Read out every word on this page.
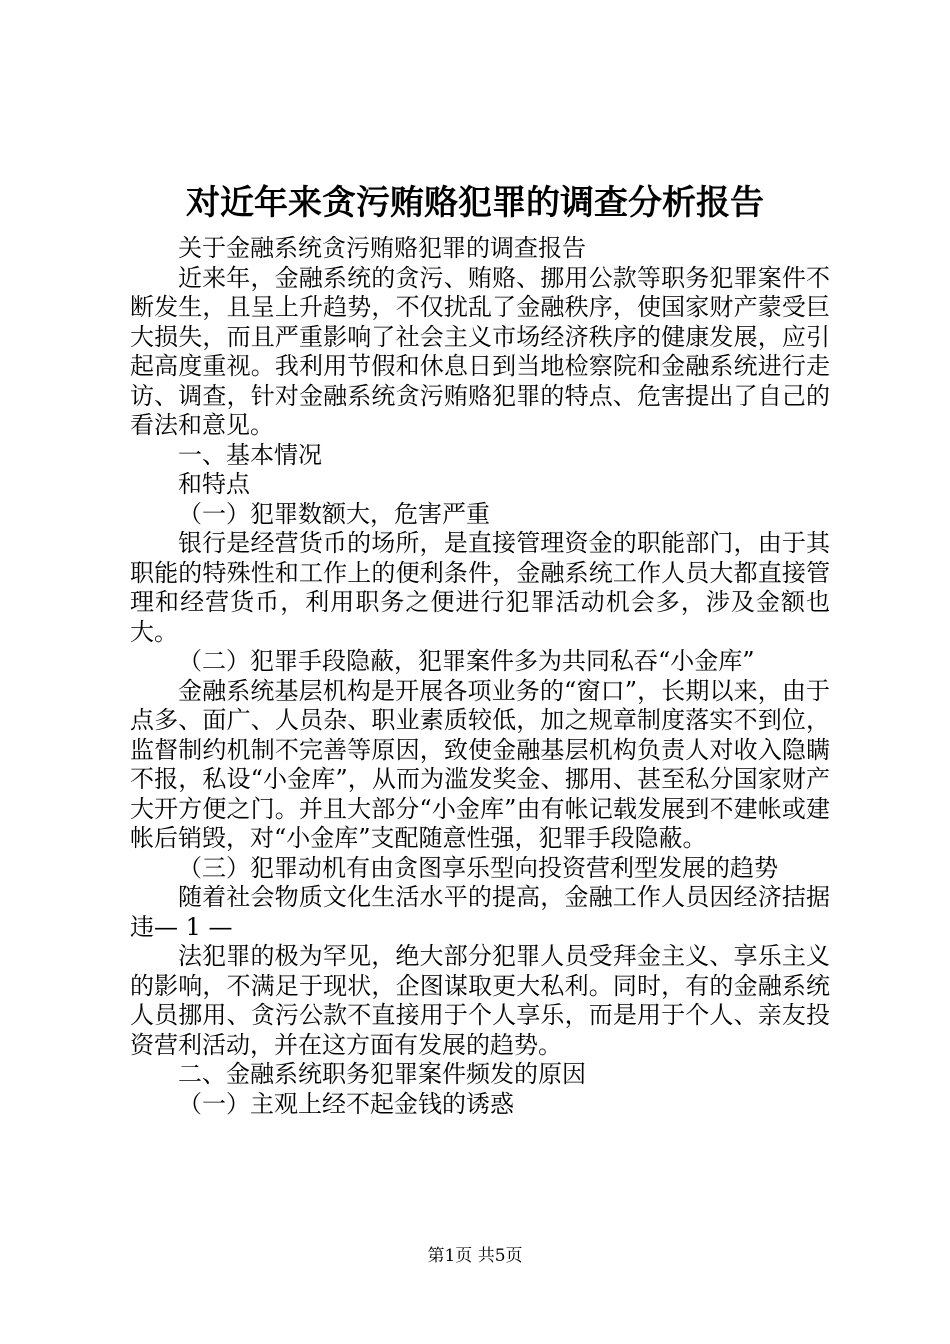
对近年来贪污贿赂犯罪的调查分析报告

关于金融系统贪污贿赂犯罪的调查报告

近来年，金融系统的贪污、贿赂、挪用公款等职务犯罪案件不断发生，且呈上升趋势，不仅扰乱了金融秩序，使国家财产蒙受巨大损失，而且严重影响了社会主义市场经济秩序的健康发展，应引起高度重视。我利用节假和休息日到当地检察院和金融系统进行走访、调查，针对金融系统贪污贿赂犯罪的特点、危害提出了自己的看法和意见。

一、基本情况

和特点

（一）犯罪数额大，危害严重

银行是经营货币的场所，是直接管理资金的职能部门，由于其职能的特殊性和工作上的便利条件，金融系统工作人员大都直接管理和经营货币，利用职务之便进行犯罪活动机会多，涉及金额也大。

（二）犯罪手段隐蔽，犯罪案件多为共同私吞“小金库”

金融系统基层机构是开展各项业务的“窗口”，长期以来，由于点多、面广、人员杂、职业素质较低，加之规章制度落实不到位，监督制约机制不完善等原因，致使金融基层机构负责人对收入隐瞒不报，私设“小金库”，从而为滥发奖金、挪用、甚至私分国家财产大开方便之门。并且大部分“小金库”由有帐记载发展到不建帐或建帐后销毁，对“小金库”支配随意性强，犯罪手段隐蔽。

（三）犯罪动机有由贪图享乐型向投资营利型发展的趋势

随着社会物质文化生活水平的提高，金融工作人员因经济拮据违— 1 —

法犯罪的极为罕见，绝大部分犯罪人员受拜金主义、享乐主义的影响，不满足于现状，企图谋取更大私利。同时，有的金融系统人员挪用、贪污公款不直接用于个人享乐，而是用于个人、亲友投资营利活动，并在这方面有发展的趋势。

二、金融系统职务犯罪案件频发的原因

（一）主观上经不起金钱的诱惑

第1页 共5页
